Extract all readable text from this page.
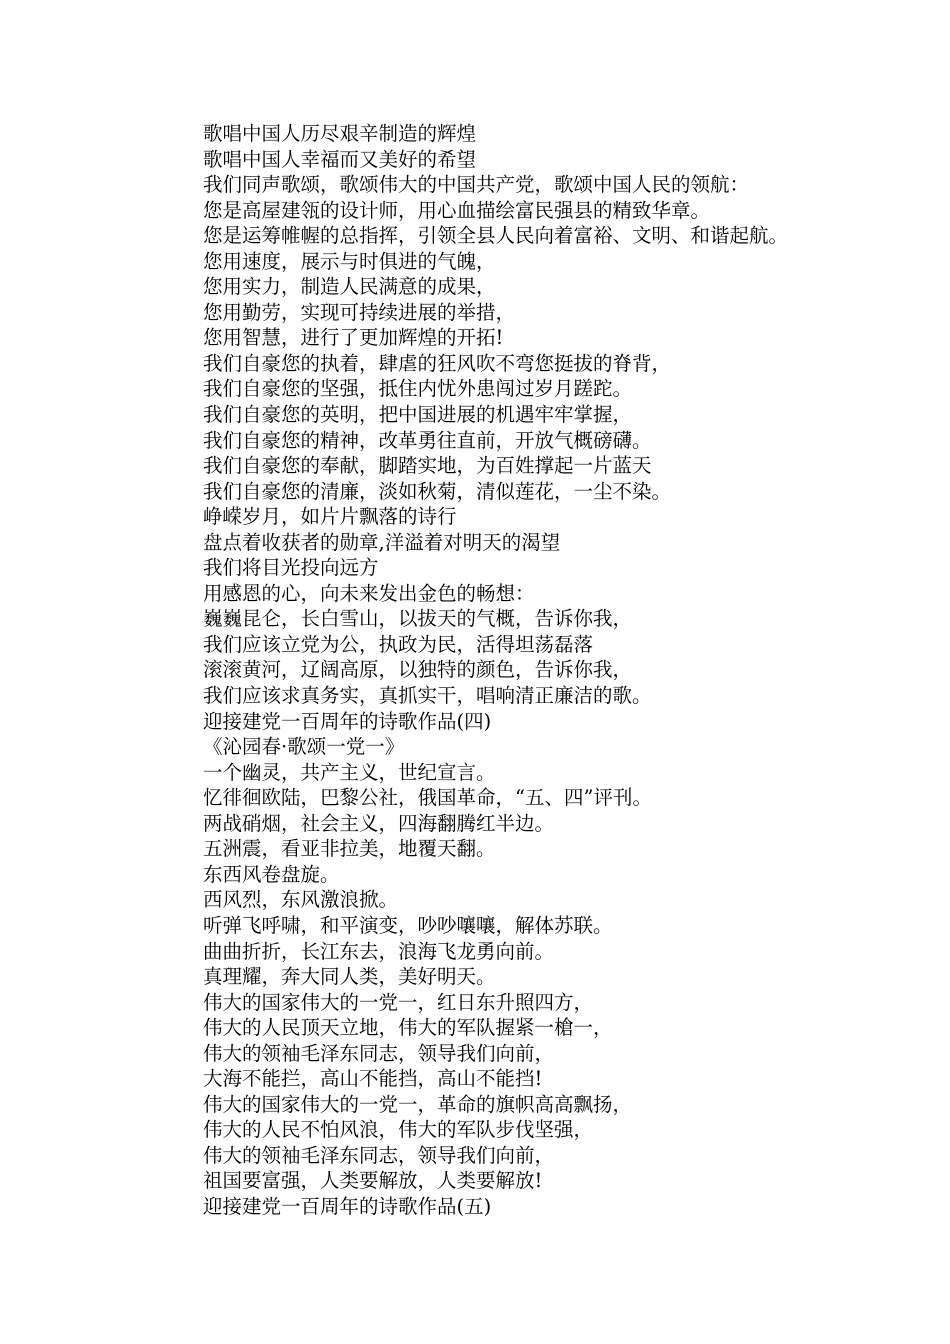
歌唱中国人历尽艰辛制造的辉煌

歌唱中国人幸福而又美好的希望

我们同声歌颂，歌颂伟大的中国共产党，歌颂中国人民的领航：

您是高屋建瓴的设计师，用心血描绘富民强县的精致华章。

您是运筹帷幄的总指挥，引领全县人民向着富裕、文明、和谐起航。

您用速度，展示与时俱进的气魄，

您用实力，制造人民满意的成果，

您用勤劳，实现可持续进展的举措，

您用智慧，进行了更加辉煌的开拓!

我们自豪您的执着，肆虐的狂风吹不弯您挺拔的脊背，

我们自豪您的坚强，抵住内忧外患闯过岁月蹉跎。

我们自豪您的英明，把中国进展的机遇牢牢掌握，

我们自豪您的精神，改革勇往直前，开放气概磅礴。

我们自豪您的奉献，脚踏实地，为百姓撑起一片蓝天

我们自豪您的清廉，淡如秋菊，清似莲花，一尘不染。

峥嵘岁月，如片片飘落的诗行

盘点着收获者的勋章,洋溢着对明天的渴望

我们将目光投向远方

用感恩的心，向未来发出金色的畅想：

巍巍昆仑，长白雪山，以拔天的气概，告诉你我，

我们应该立党为公，执政为民，活得坦荡磊落

滚滚黄河，辽阔高原，以独特的颜色，告诉你我，

我们应该求真务实，真抓实干，唱响清正廉洁的歌。

迎接建党一百周年的诗歌作品(四)

《沁园春·歌颂一党一》

一个幽灵，共产主义，世纪宣言。

忆徘徊欧陆，巴黎公社，俄国革命，“五、四”评刊。

两战硝烟，社会主义，四海翻腾红半边。

五洲震，看亚非拉美，地覆天翻。

东西风卷盘旋。

西风烈，东风激浪掀。

听弹飞呼啸，和平演变，吵吵嚷嚷，解体苏联。

曲曲折折，长江东去，浪海飞龙勇向前。

真理耀，奔大同人类，美好明天。

伟大的国家伟大的一党一，红日东升照四方，

伟大的人民顶天立地，伟大的军队握紧一槍一，

伟大的领袖毛泽东同志，领导我们向前，

大海不能拦，高山不能挡，高山不能挡!

伟大的国家伟大的一党一，革命的旗帜高高飘扬，

伟大的人民不怕风浪，伟大的军队步伐坚强，

伟大的领袖毛泽东同志，领导我们向前，

祖国要富强，人类要解放，人类要解放!

迎接建党一百周年的诗歌作品(五)
